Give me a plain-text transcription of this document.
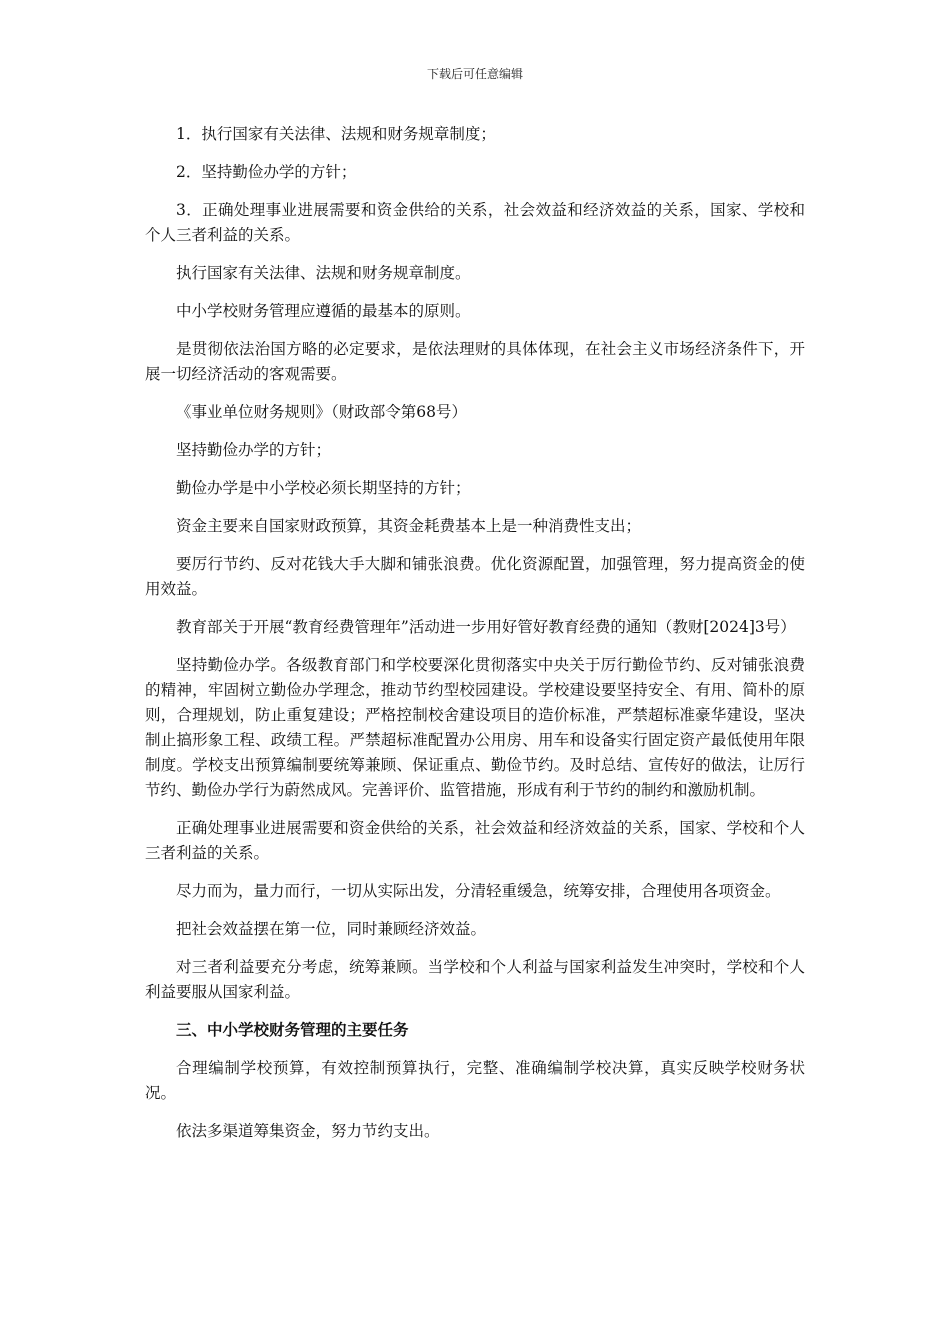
下载后可任意编辑

1．执行国家有关法律、法规和财务规章制度；

2．坚持勤俭办学的方针；

3．正确处理事业进展需要和资金供给的关系，社会效益和经济效益的关系，国家、学校和个人三者利益的关系。

执行国家有关法律、法规和财务规章制度。

中小学校财务管理应遵循的最基本的原则。

是贯彻依法治国方略的必定要求，是依法理财的具体体现，在社会主义市场经济条件下，开展一切经济活动的客观需要。

《事业单位财务规则》（财政部令第68号）

坚持勤俭办学的方针；

勤俭办学是中小学校必须长期坚持的方针；

资金主要来自国家财政预算，其资金耗费基本上是一种消费性支出；

要厉行节约、反对花钱大手大脚和铺张浪费。优化资源配置，加强管理，努力提高资金的使用效益。

教育部关于开展“教育经费管理年”活动进一步用好管好教育经费的通知（教财[2024]3号）

坚持勤俭办学。各级教育部门和学校要深化贯彻落实中央关于厉行勤俭节约、反对铺张浪费的精神，牢固树立勤俭办学理念，推动节约型校园建设。学校建设要坚持安全、有用、简朴的原则，合理规划，防止重复建设；严格控制校舍建设项目的造价标准，严禁超标准豪华建设，坚决制止搞形象工程、政绩工程。严禁超标准配置办公用房、用车和设备实行固定资产最低使用年限制度。学校支出预算编制要统筹兼顾、保证重点、勤俭节约。及时总结、宣传好的做法，让厉行节约、勤俭办学行为蔚然成风。完善评价、监管措施，形成有利于节约的制约和激励机制。

正确处理事业进展需要和资金供给的关系，社会效益和经济效益的关系，国家、学校和个人三者利益的关系。

尽力而为，量力而行，一切从实际出发，分清轻重缓急，统筹安排，合理使用各项资金。

把社会效益摆在第一位，同时兼顾经济效益。

对三者利益要充分考虑，统筹兼顾。当学校和个人利益与国家利益发生冲突时，学校和个人利益要服从国家利益。

三、中小学校财务管理的主要任务

合理编制学校预算，有效控制预算执行，完整、准确编制学校决算，真实反映学校财务状况。

依法多渠道筹集资金，努力节约支出。
